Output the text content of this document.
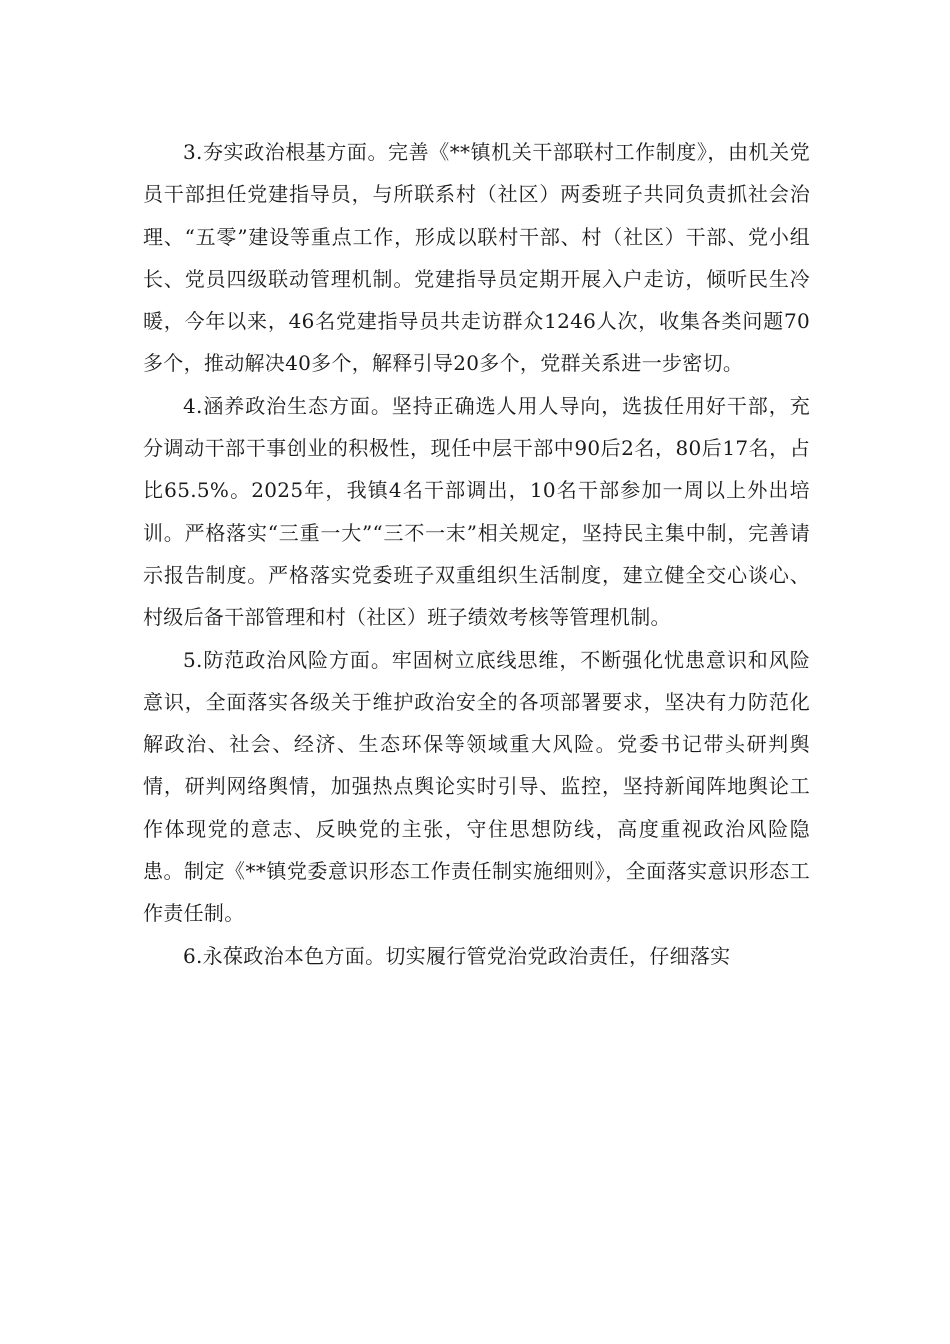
3.夯实政治根基方面。完善《**镇机关干部联村工作制度》，由机关党员干部担任党建指导员，与所联系村（社区）两委班子共同负责抓社会治理、“五零”建设等重点工作，形成以联村干部、村（社区）干部、党小组长、党员四级联动管理机制。党建指导员定期开展入户走访，倾听民生冷暖，今年以来，46名党建指导员共走访群众1246人次，收集各类问题70多个，推动解决40多个，解释引导20多个，党群关系进一步密切。

4.涵养政治生态方面。坚持正确选人用人导向，选拔任用好干部，充分调动干部干事创业的积极性，现任中层干部中90后2名，80后17名，占比65.5%。2025年，我镇4名干部调出，10名干部参加一周以上外出培训。严格落实“三重一大”“三不一末”相关规定，坚持民主集中制，完善请示报告制度。严格落实党委班子双重组织生活制度，建立健全交心谈心、村级后备干部管理和村（社区）班子绩效考核等管理机制。

5.防范政治风险方面。牢固树立底线思维，不断强化忧患意识和风险意识，全面落实各级关于维护政治安全的各项部署要求，坚决有力防范化解政治、社会、经济、生态环保等领域重大风险。党委书记带头研判舆情，研判网络舆情，加强热点舆论实时引导、监控，坚持新闻阵地舆论工作体现党的意志、反映党的主张，守住思想防线，高度重视政治风险隐患。制定《**镇党委意识形态工作责任制实施细则》，全面落实意识形态工作责任制。

6.永葆政治本色方面。切实履行管党治党政治责任，仔细落实
